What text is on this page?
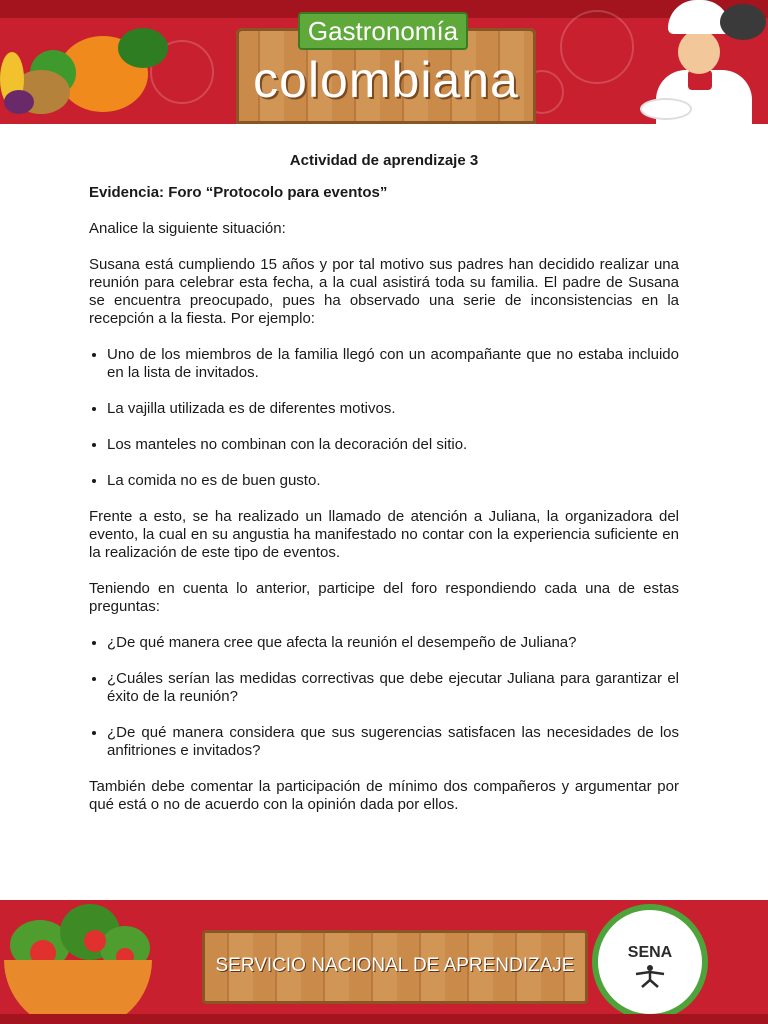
Gastronomía
colombiana
Actividad de aprendizaje 3
Evidencia: Foro “Protocolo para eventos”

Analice la siguiente situación:

Susana está cumpliendo 15 años y por tal motivo sus padres han decidido realizar una reunión para celebrar esta fecha, a la cual asistirá toda su familia. El padre de Susana se encuentra preocupado, pues ha observado una serie de inconsistencias en la recepción a la fiesta. Por ejemplo:

• Uno de los miembros de la familia llegó con un acompañante que no estaba incluido en la lista de invitados.
• La vajilla utilizada es de diferentes motivos.
• Los manteles no combinan con la decoración del sitio.
• La comida no es de buen gusto.

Frente a esto, se ha realizado un llamado de atención a Juliana, la organizadora del evento, la cual en su angustia ha manifestado no contar con la experiencia suficiente en la realización de este tipo de eventos.

Teniendo en cuenta lo anterior, participe del foro respondiendo cada una de estas preguntas:

• ¿De qué manera cree que afecta la reunión el desempeño de Juliana?
• ¿Cuáles serían las medidas correctivas que debe ejecutar Juliana para garantizar el éxito de la reunión?
• ¿De qué manera considera que sus sugerencias satisfacen las necesidades de los anfitriones e invitados?

También debe comentar la participación de mínimo dos compañeros y argumentar por qué está o no de acuerdo con la opinión dada por ellos.

SERVICIO NACIONAL DE APRENDIZAJE
SENA
